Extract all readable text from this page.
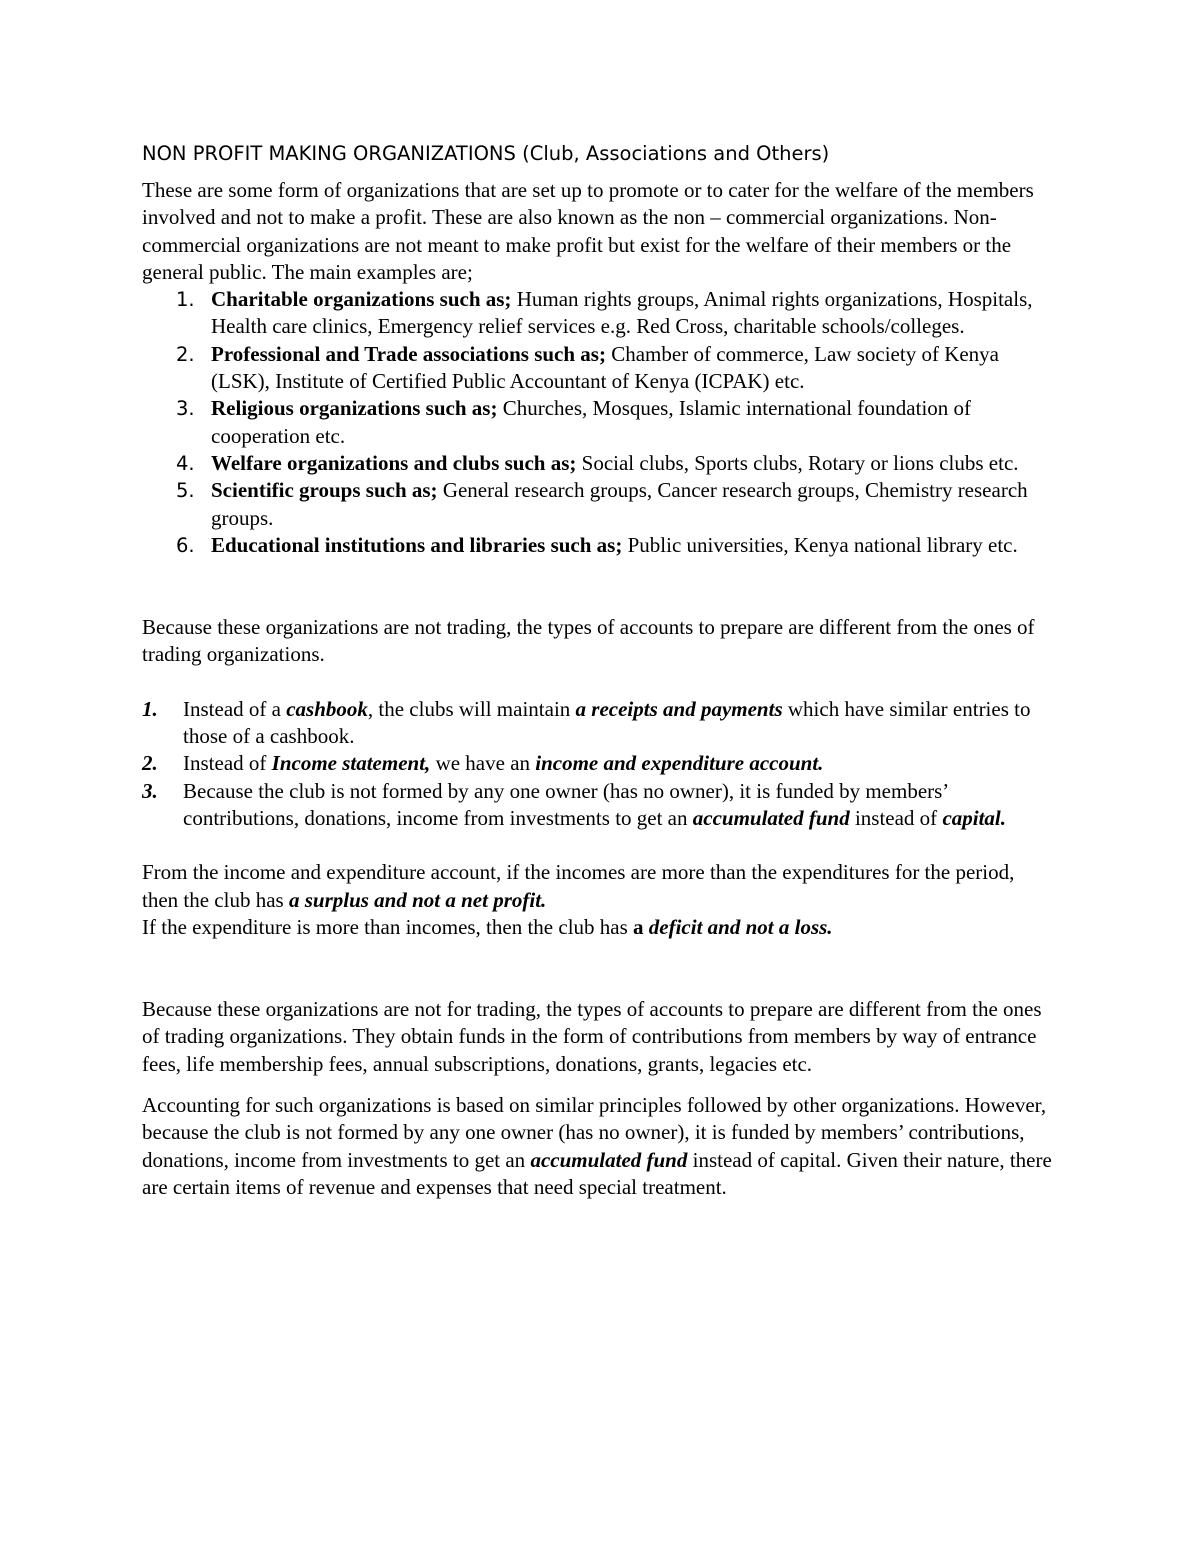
NON PROFIT MAKING ORGANIZATIONS (Club, Associations and Others)

These are some form of organizations that are set up to promote or to cater for the welfare of the members involved and not to make a profit. These are also known as the non – commercial organizations. Non- commercial organizations are not meant to make profit but exist for the welfare of their members or the general public. The main examples are;

1. Charitable organizations such as; Human rights groups, Animal rights organizations, Hospitals, Health care clinics, Emergency relief services e.g. Red Cross, charitable schools/colleges.
2. Professional and Trade associations such as; Chamber of commerce, Law society of Kenya (LSK), Institute of Certified Public Accountant of Kenya (ICPAK) etc.
3. Religious organizations such as; Churches, Mosques, Islamic international foundation of cooperation etc.
4. Welfare organizations and clubs such as; Social clubs, Sports clubs, Rotary or lions clubs etc.
5. Scientific groups such as; General research groups, Cancer research groups, Chemistry research groups.
6. Educational institutions and libraries such as; Public universities, Kenya national library etc.

Because these organizations are not trading, the types of accounts to prepare are different from the ones of trading organizations.

1. Instead of a cashbook, the clubs will maintain a receipts and payments which have similar entries to those of a cashbook.
2. Instead of Income statement, we have an income and expenditure account.
3. Because the club is not formed by any one owner (has no owner), it is funded by members’ contributions, donations, income from investments to get an accumulated fund instead of capital.

From the income and expenditure account, if the incomes are more than the expenditures for the period, then the club has a surplus and not a net profit.

If the expenditure is more than incomes, then the club has a deficit and not a loss.

Because these organizations are not for trading, the types of accounts to prepare are different from the ones of trading organizations. They obtain funds in the form of contributions from members by way of entrance fees, life membership fees, annual subscriptions, donations, grants, legacies etc.

Accounting for such organizations is based on similar principles followed by other organizations. However, because the club is not formed by any one owner (has no owner), it is funded by members’ contributions, donations, income from investments to get an accumulated fund instead of capital. Given their nature, there are certain items of revenue and expenses that need special treatment.
